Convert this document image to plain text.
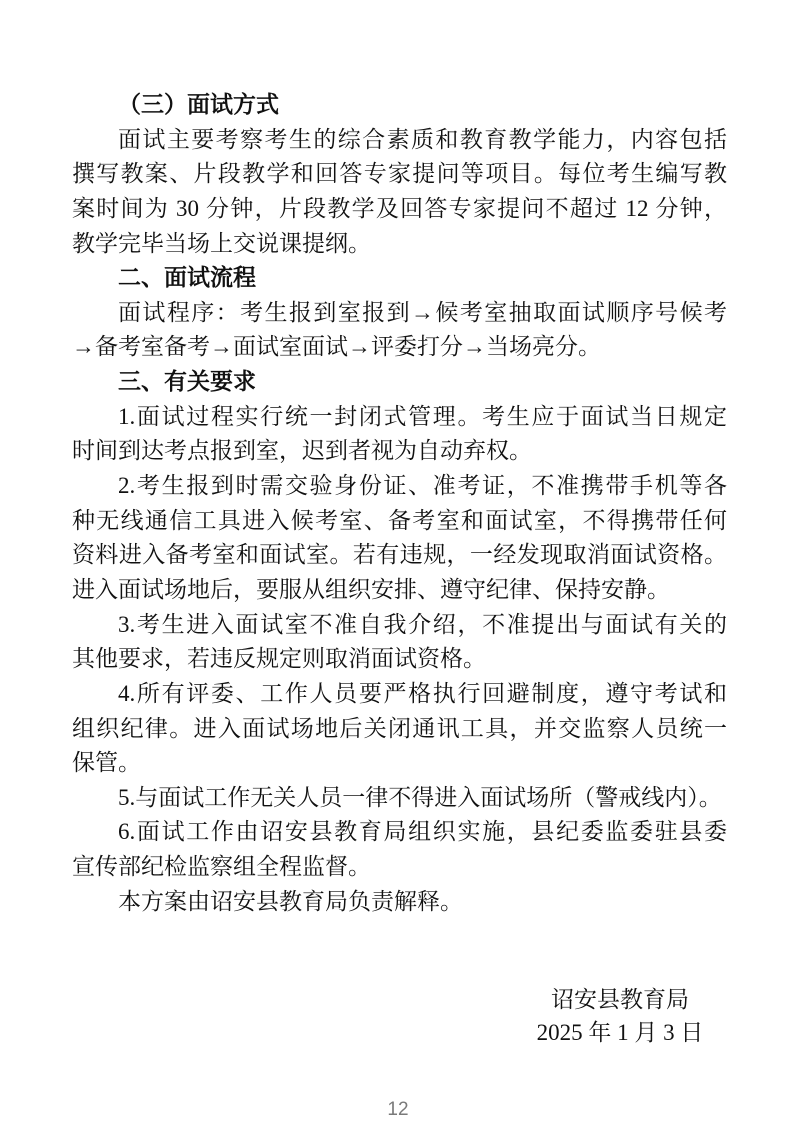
（三）面试方式
面试主要考察考生的综合素质和教育教学能力，内容包括
撰写教案、片段教学和回答专家提问等项目。每位考生编写教
案时间为 30 分钟，片段教学及回答专家提问不超过 12 分钟，
教学完毕当场上交说课提纲。
二、面试流程
面试程序：考生报到室报到→候考室抽取面试顺序号候考
→备考室备考→面试室面试→评委打分→当场亮分。
三、有关要求
1.面试过程实行统一封闭式管理。考生应于面试当日规定
时间到达考点报到室，迟到者视为自动弃权。
2.考生报到时需交验身份证、准考证，不准携带手机等各
种无线通信工具进入候考室、备考室和面试室，不得携带任何
资料进入备考室和面试室。若有违规，一经发现取消面试资格。
进入面试场地后，要服从组织安排、遵守纪律、保持安静。
3.考生进入面试室不准自我介绍，不准提出与面试有关的
其他要求，若违反规定则取消面试资格。
4.所有评委、工作人员要严格执行回避制度，遵守考试和
组织纪律。进入面试场地后关闭通讯工具，并交监察人员统一
保管。
5.与面试工作无关人员一律不得进入面试场所（警戒线内）。
6.面试工作由诏安县教育局组织实施，县纪委监委驻县委
宣传部纪检监察组全程监督。
本方案由诏安县教育局负责解释。
诏安县教育局
2025 年 1 月 3 日
12
